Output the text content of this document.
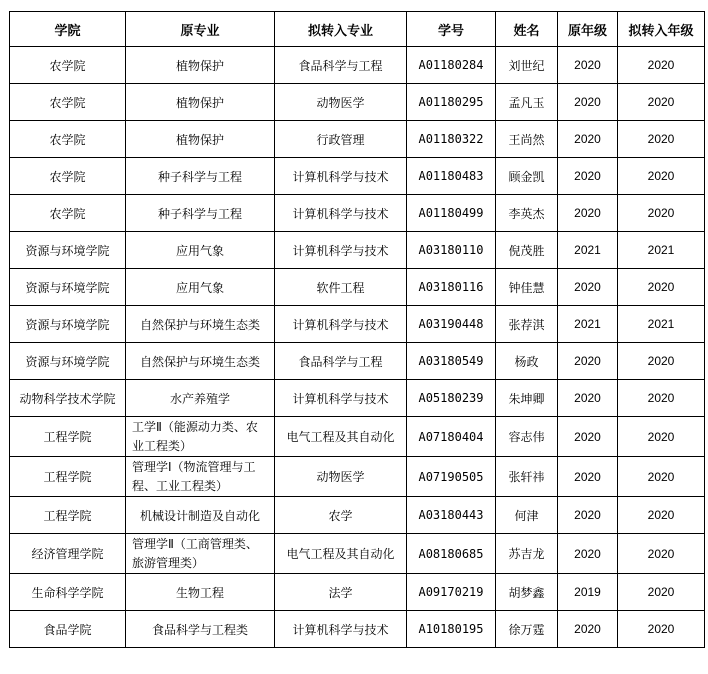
学院	原专业	拟转入专业	学号	姓名	原年级	拟转入年级
农学院	植物保护	食品科学与工程	A01180284	刘世纪	2020	2020
农学院	植物保护	动物医学	A01180295	孟凡玉	2020	2020
农学院	植物保护	行政管理	A01180322	王尚然	2020	2020
农学院	种子科学与工程	计算机科学与技术	A01180483	顾金凯	2020	2020
农学院	种子科学与工程	计算机科学与技术	A01180499	李英杰	2020	2020
资源与环境学院	应用气象	计算机科学与技术	A03180110	倪茂胜	2021	2021
资源与环境学院	应用气象	软件工程	A03180116	钟佳慧	2020	2020
资源与环境学院	自然保护与环境生态类	计算机科学与技术	A03190448	张荐淇	2021	2021
资源与环境学院	自然保护与环境生态类	食品科学与工程	A03180549	杨政	2020	2020
动物科学技术学院	水产养殖学	计算机科学与技术	A05180239	朱坤卿	2020	2020
工程学院	工学Ⅱ（能源动力类、农业工程类）	电气工程及其自动化	A07180404	容志伟	2020	2020
工程学院	管理学Ⅰ（物流管理与工程、工业工程类）	动物医学	A07190505	张轩祎	2020	2020
工程学院	机械设计制造及自动化	农学	A03180443	何津	2020	2020
经济管理学院	管理学Ⅱ（工商管理类、旅游管理类）	电气工程及其自动化	A08180685	苏吉龙	2020	2020
生命科学学院	生物工程	法学	A09170219	胡梦鑫	2019	2020
食品学院	食品科学与工程类	计算机科学与技术	A10180195	徐万霆	2020	2020
